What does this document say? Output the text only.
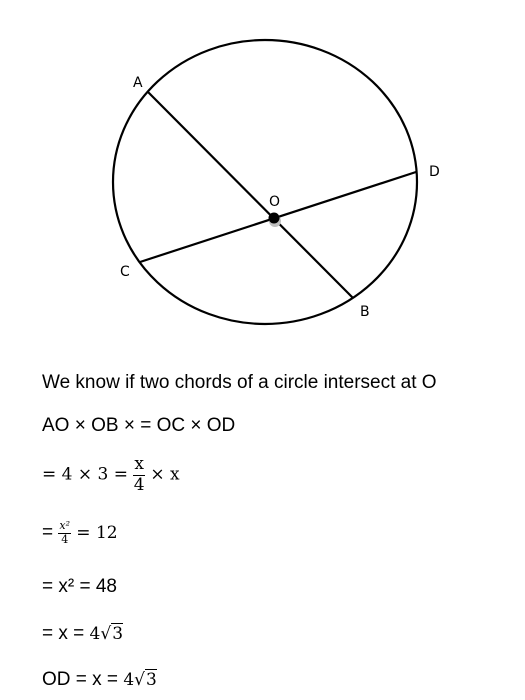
A
B
C
D
O
We know if two chords of a circle intersect at O
AO × OB × = OC × OD
= $4 \times 3 = \frac{x}{4} \times x$
= $\frac{\text{x²}}{4} = 12$
= x² = 48
= x = 4√3
OD = x = 4√3
